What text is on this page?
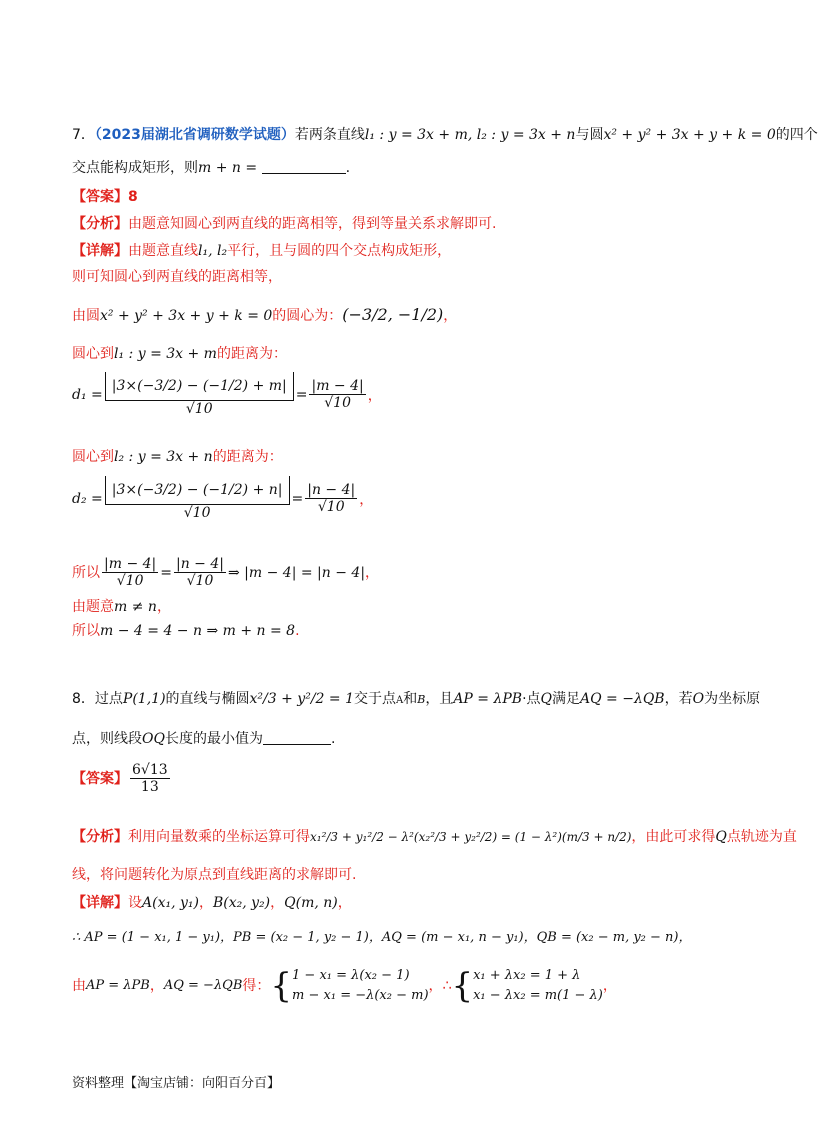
7．（2023届湖北省调研数学试题）若两条直线l₁ : y = 3x + m, l₂ : y = 3x + n与圆x² + y² + 3x + y + k = 0的四个
交点能构成矩形，则m + n =	.
【答案】8
【分析】由题意知圆心到两直线的距离相等，得到等量关系求解即可.
【详解】由题意直线l₁, l₂平行，且与圆的四个交点构成矩形，
则可知圆心到两直线的距离相等，
由圆x² + y² + 3x + y + k = 0的圆心为：(−3/2, −1/2)，
圆心到l₁ : y = 3x + m的距离为：
$d_1 = \frac{|3\times(-3/2) - (-1/2) + m|}{√10} = \frac{|m - 4|}{√10}$ ，
圆心到l₂ : y = 3x + n的距离为：
$d_2 = \frac{|3\times(-3/2) - (-1/2) + n|}{√10} = \frac{|n - 4|}{√10}$ ，
所以 $\frac{|m - 4|}{√10} = \frac{|n - 4|}{√10}$ ⇒ |m − 4| = |n − 4| ，
由题意m ≠ n，
所以m − 4 = 4 − n ⇒ m + n = 8.
8．过点P(1,1)的直线与椭圆x²/3 + y²/2 = 1交于点A和B，且AP = λPB·点Q满足AQ = −λQB，若O为坐标原
点，则线段OQ长度的最小值为	.
【答案】 $\frac{6√13}{13}$
【分析】利用向量数乘的坐标运算可得x₁²/3 + y₁²/2 − λ²(x₂²/3 + y₂²/2) = (1 − λ²)(m/3 + n/2)，由此可求得Q点轨迹为直
线，将问题转化为原点到直线距离的求解即可.
【详解】设A(x₁, y₁)，B(x₂, y₂)，Q(m, n)，
∴ AP = (1 − x₁, 1 − y₁)，PB = (x₂ − 1, y₂ − 1)，AQ = (m − x₁, n − y₁)，QB = (x₂ − m, y₂ − n)，
由 AP = λPB ， AQ = −λQB 得： { 1 − x₁ = λ(x₂ − 1)
m − x₁ = −λ(x₂ − m)
，∴ { x₁ + λx₂ = 1 + λ
x₁ − λx₂ = m(1 − λ)
，
资料整理【淘宝店铺：向阳百分百】
